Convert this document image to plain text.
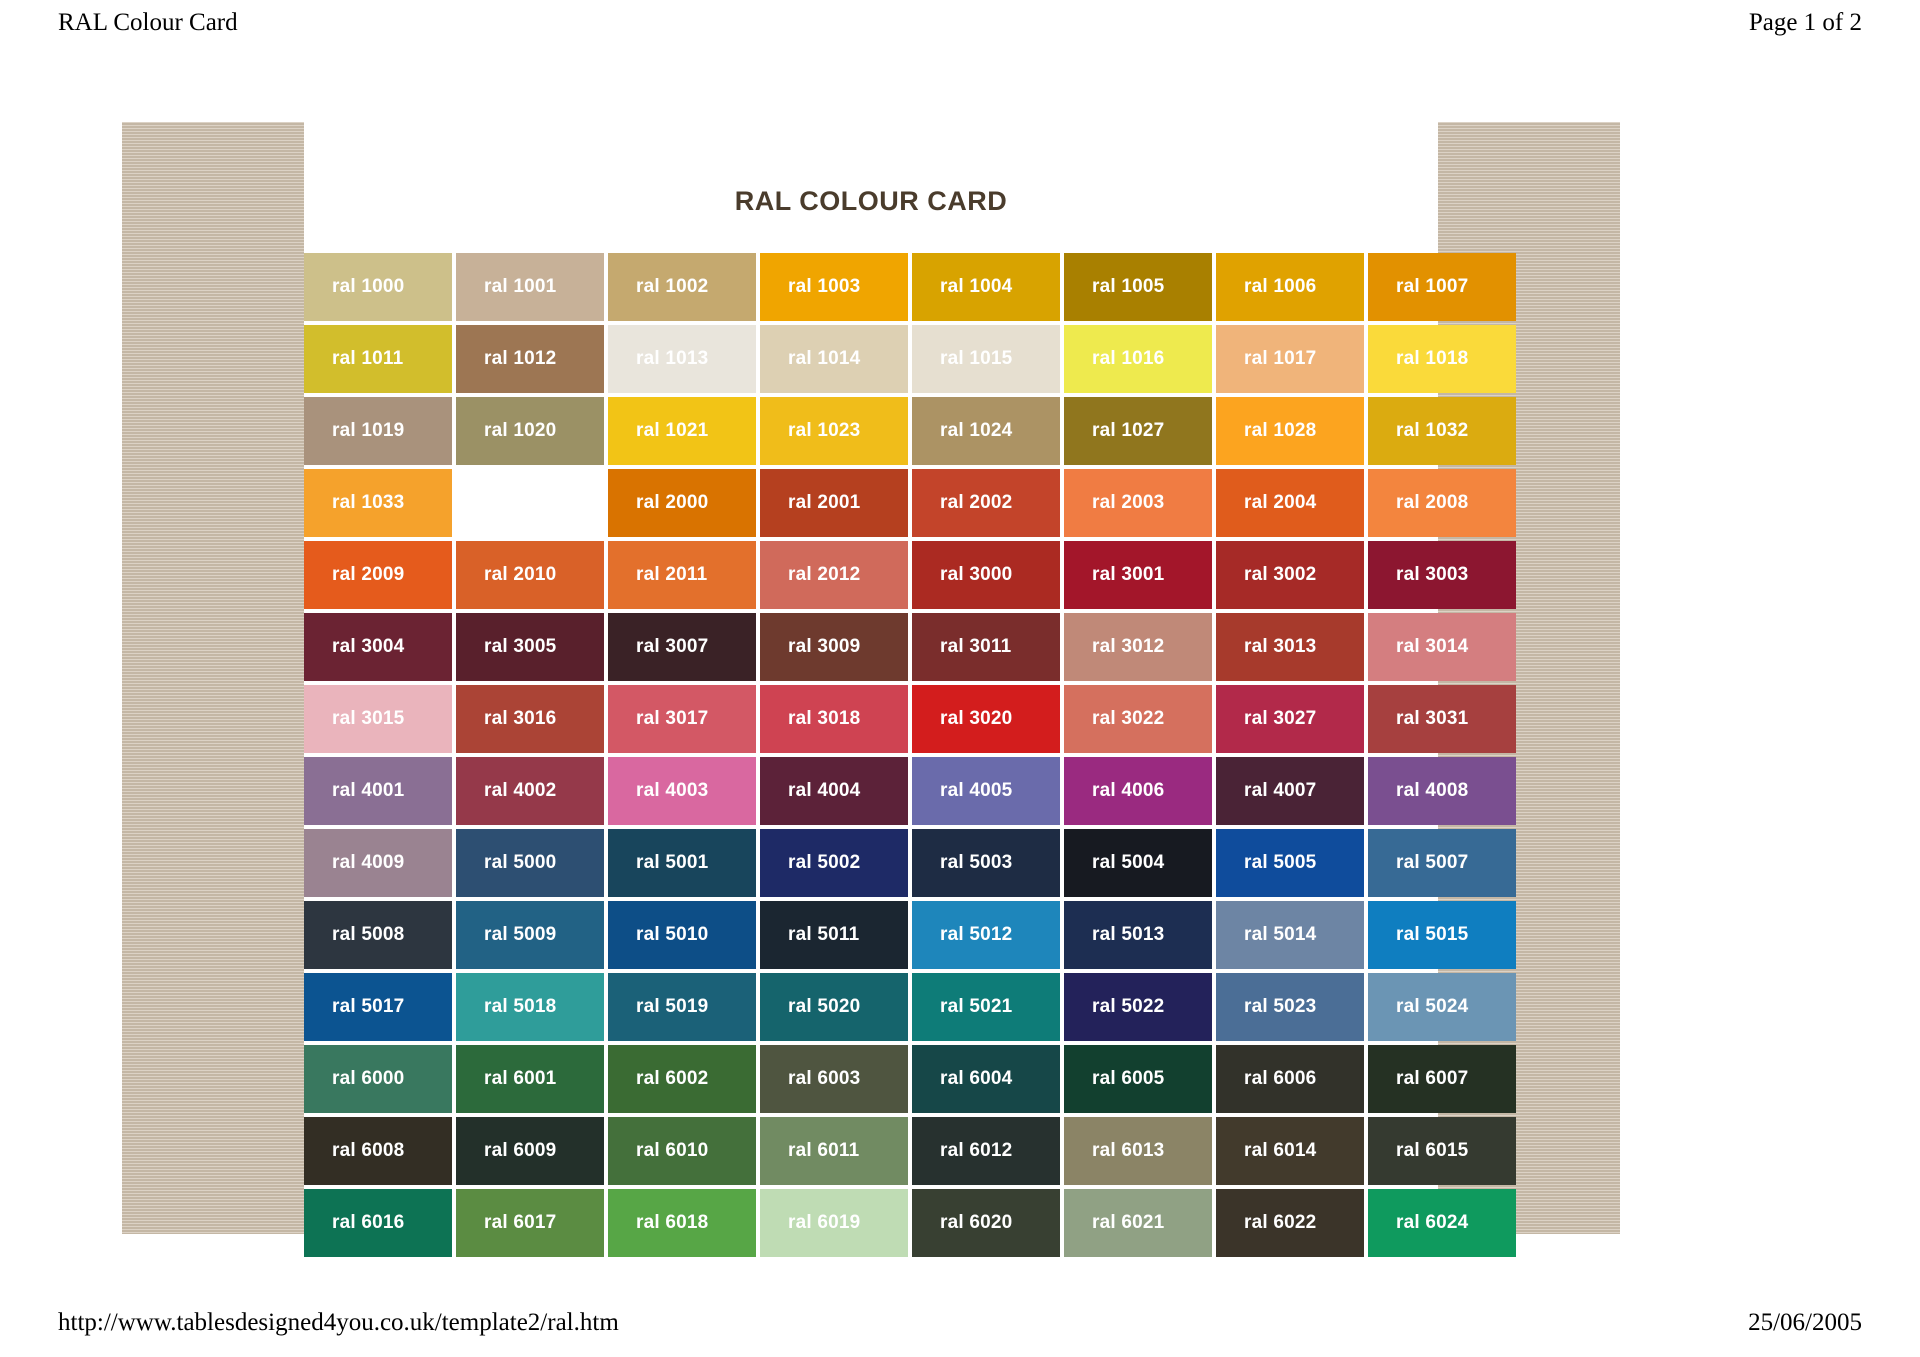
RAL Colour Card	Page 1 of 2
RAL COLOUR CARD
ral 1000	ral 1001	ral 1002	ral 1003	ral 1004	ral 1005	ral 1006	ral 1007
ral 1011	ral 1012	ral 1013	ral 1014	ral 1015	ral 1016	ral 1017	ral 1018
ral 1019	ral 1020	ral 1021	ral 1023	ral 1024	ral 1027	ral 1028	ral 1032
ral 1033	ral 1034	ral 2000	ral 2001	ral 2002	ral 2003	ral 2004	ral 2008
ral 2009	ral 2010	ral 2011	ral 2012	ral 3000	ral 3001	ral 3002	ral 3003
ral 3004	ral 3005	ral 3007	ral 3009	ral 3011	ral 3012	ral 3013	ral 3014
ral 3015	ral 3016	ral 3017	ral 3018	ral 3020	ral 3022	ral 3027	ral 3031
ral 4001	ral 4002	ral 4003	ral 4004	ral 4005	ral 4006	ral 4007	ral 4008
ral 4009	ral 5000	ral 5001	ral 5002	ral 5003	ral 5004	ral 5005	ral 5007
ral 5008	ral 5009	ral 5010	ral 5011	ral 5012	ral 5013	ral 5014	ral 5015
ral 5017	ral 5018	ral 5019	ral 5020	ral 5021	ral 5022	ral 5023	ral 5024
ral 6000	ral 6001	ral 6002	ral 6003	ral 6004	ral 6005	ral 6006	ral 6007
ral 6008	ral 6009	ral 6010	ral 6011	ral 6012	ral 6013	ral 6014	ral 6015
ral 6016	ral 6017	ral 6018	ral 6019	ral 6020	ral 6021	ral 6022	ral 6024
http://www.tablesdesigned4you.co.uk/template2/ral.htm	25/06/2005
